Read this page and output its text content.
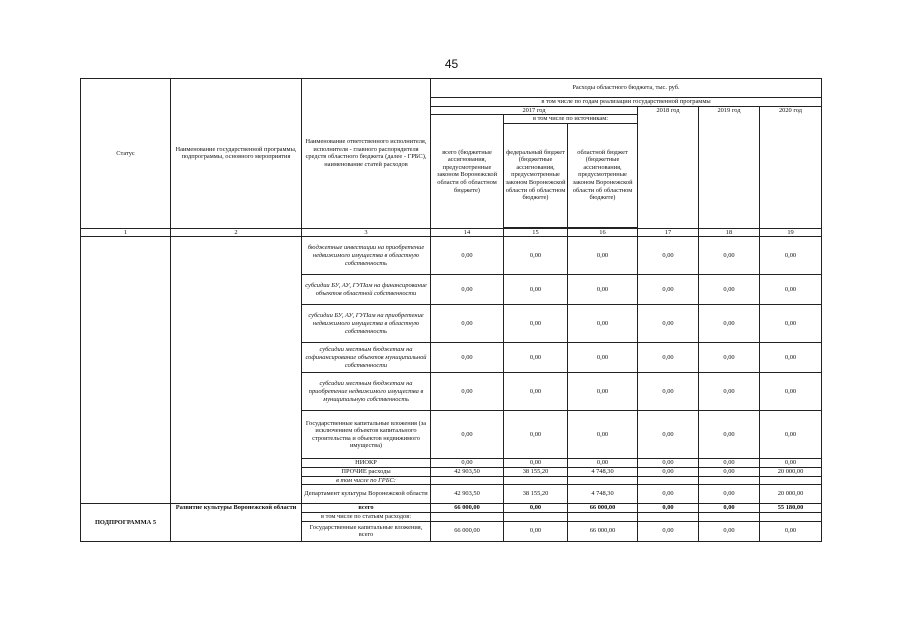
45
Статус	Наименование государственной программы, подпрограммы, основного мероприятия	Наименование ответственного исполнителя, исполнителя - главного распорядителя средств областного бюджета (далее - ГРБС), наименование статей расходов	Расходы областного бюджета, тыс. руб.					
			в том числе по годам реализации государственной программы					
			2017 год			2018 год	2019 год	2020 год
			всего (бюджетные ассигнования, предусмотренные законом Воронежской области об областном бюджете)	в том числе по источникам:				
				федеральный бюджет (бюджетные ассигнования, предусмотренные законом Воронежской области об областном бюджете)	областной бюджет (бюджетные ассигнования, предусмотренные законом Воронежской области об областном бюджете)			

1	2	3	14	15	16	17	18	19
		бюджетные инвестиции на приобретение недвижимого имущества в областную собственность	0,00	0,00	0,00	0,00	0,00	0,00
		субсидии БУ, АУ, ГУПам на финансирование объектов областной собственности	0,00	0,00	0,00	0,00	0,00	0,00
		субсидии БУ, АУ, ГУПам на приобретение недвижимого имущества в областную собственность	0,00	0,00	0,00	0,00	0,00	0,00
		субсидии местным бюджетам на софинансирование объектов муниципальной собственности	0,00	0,00	0,00	0,00	0,00	0,00
		субсидии местным бюджетам на приобретение недвижимого имущества в муниципальную собственность	0,00	0,00	0,00	0,00	0,00	0,00
		Государственные капитальные вложения (за исключением объектов капитального строительства и объектов недвижимого имущества)	0,00	0,00	0,00	0,00	0,00	0,00
		НИОКР	0,00	0,00	0,00	0,00	0,00	0,00
		ПРОЧИЕ расходы	42 903,50	38 155,20	4 748,30	0,00	0,00	20 000,00
		в том числе по ГРБС:						
		Департамент культуры Воронежской области	42 903,50	38 155,20	4 748,30	0,00	0,00	20 000,00
ПОДПРОГРАММА 5	Развитие культуры Воронежской области	всего	66 000,00	0,00	66 000,00	0,00	0,00	55 180,00
		в том числе по статьям расходов:						
		Государственные капитальные вложения, всего	66 000,00	0,00	66 000,00	0,00	0,00	0,00
